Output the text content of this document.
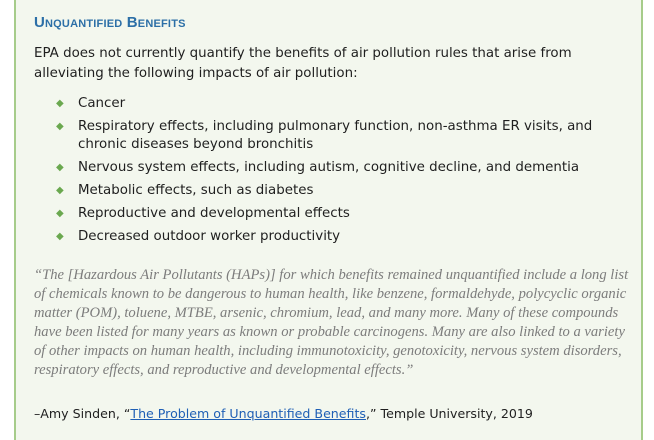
Unquantified Benefits

EPA does not currently quantify the benefits of air pollution rules that arise from alleviating the following impacts of air pollution:

◆ Cancer
◆ Respiratory effects, including pulmonary function, non-asthma ER visits, and chronic diseases beyond bronchitis
◆ Nervous system effects, including autism, cognitive decline, and dementia
◆ Metabolic effects, such as diabetes
◆ Reproductive and developmental effects
◆ Decreased outdoor worker productivity
“The [Hazardous Air Pollutants (HAPs)] for which benefits remained unquantified include a long list of chemicals known to be dangerous to human health, like benzene, formaldehyde, polycyclic organic matter (POM), toluene, MTBE, arsenic, chromium, lead, and many more. Many of these compounds have been listed for many years as known or probable carcinogens. Many are also linked to a variety of other impacts on human health, including immunotoxicity, genotoxicity, nervous system disorders, respiratory effects, and reproductive and developmental effects.”

–Amy Sinden, “The Problem of Unquantified Benefits,” Temple University, 2019
